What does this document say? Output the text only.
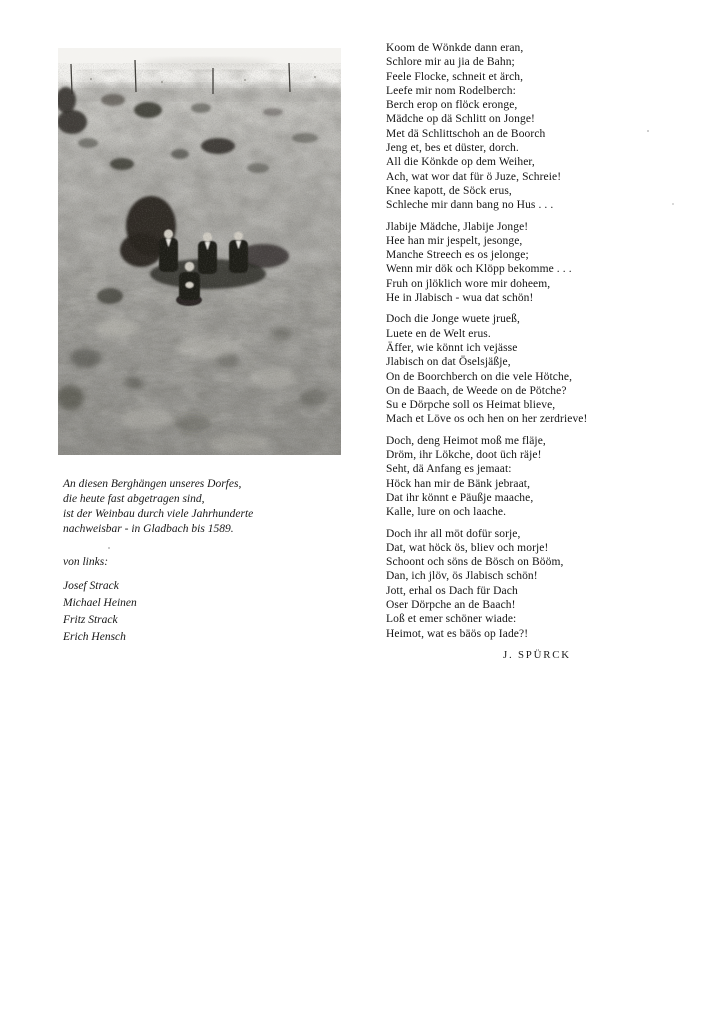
An diesen Berghängen unseres Dorfes,
die heute fast abgetragen sind,
ist der Weinbau durch viele Jahrhunderte
nachweisbar - in Gladbach bis 1589.
von links:
Josef Strack
Michael Heinen
Fritz Strack
Erich Hensch
Koom de Wönkde dann eran,
Schlore mir au jia de Bahn;
Feele Flocke, schneit et ärch,
Leefe mir nom Rodelberch:
Berch erop on flöck eronge,
Mädche op dä Schlitt on Jonge!
Met dä Schlittschoh an de Boorch
Jeng et, bes et düster, dorch.
All die Könkde op dem Weiher,
Ach, wat wor dat für ö Juze, Schreie!
Knee kapott, de Söck erus,
Schleche mir dann bang no Hus . . .
Jlabije Mädche, Jlabije Jonge!
Hee han mir jespelt, jesonge,
Manche Streech es os jelonge;
Wenn mir dök och Klöpp bekomme . . .
Fruh on jlöklich wore mir doheem,
He in Jlabisch - wua dat schön!
Doch die Jonge wuete jrueß,
Luete en de Welt erus.
Äffer, wie könnt ich vejässe
Jlabisch on dat Öselsjäßje,
On de Boorchberch on die vele Hötche,
On de Baach, de Weede on de Pötche?
Su e Dörpche soll os Heimat blieve,
Mach et Löve os och hen on her zerdrieve!
Doch, deng Heimot moß me fläje,
Dröm, ihr Lökche, doot üch räje!
Seht, dä Anfang es jemaat:
Höck han mir de Bänk jebraat,
Dat ihr könnt e Päußje maache,
Kalle, lure on och laache.
Doch ihr all möt dofür sorje,
Dat, wat höck ös, bliev och morje!
Schoont och söns de Bösch on Bööm,
Dan, ich jlöv, ös Jlabisch schön!
Jott, erhal os Dach für Dach
Oser Dörpche an de Baach!
Loß et emer schöner wiade:
Heimot, wat es bäös op Iade?!
J. SPÜRCK
